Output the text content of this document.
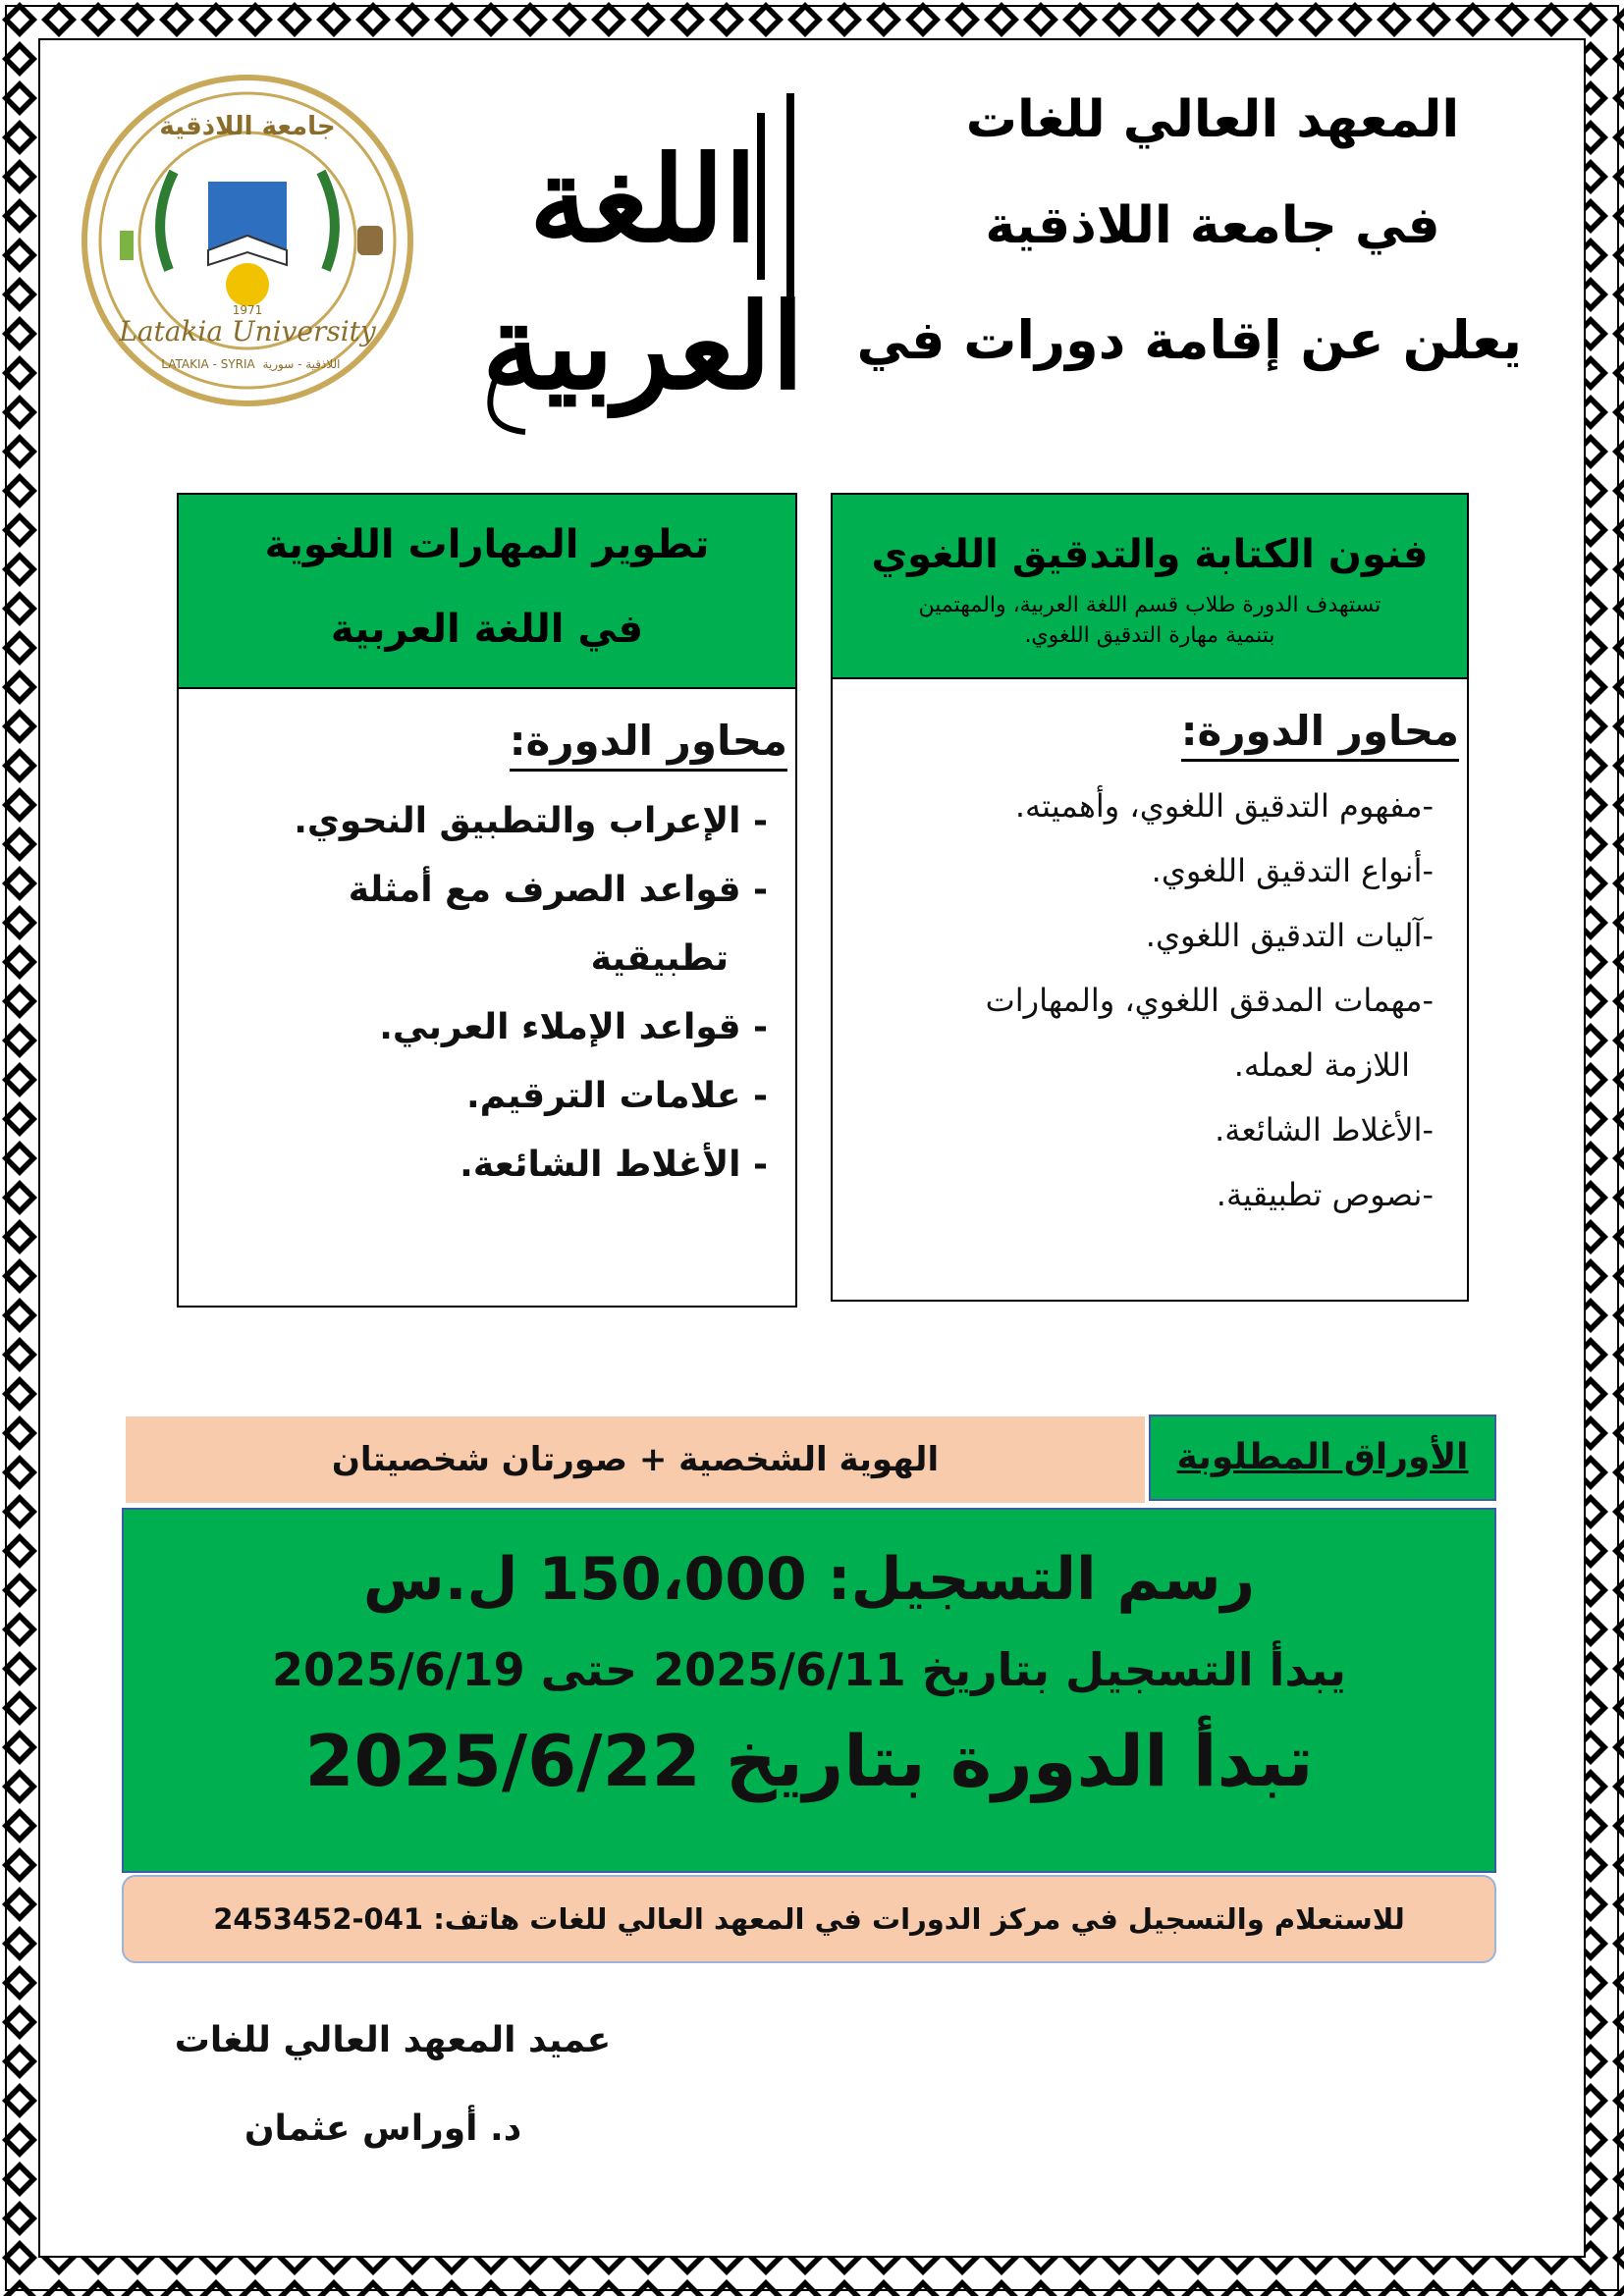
المعهد العالي للغات
في جامعة اللاذقية
يعلن عن إقامة دورات في
جامعة اللاذقية
Latakia University
1971
LATAKIA - SYRIA اللاذقية - سورية
اللغة
العربية
فنون الكتابة والتدقيق اللغوي
تستهدف الدورة طلاب قسم اللغة العربية، والمهتمين
بتنمية مهارة التدقيق اللغوي.
محاور الدورة:
-مفهوم التدقيق اللغوي، وأهميته.
-أنواع التدقيق اللغوي.
-آليات التدقيق اللغوي.
-مهمات المدقق اللغوي، والمهارات
اللازمة لعمله.
-الأغلاط الشائعة.
-نصوص تطبيقية.
تطوير المهارات اللغوية
في اللغة العربية
محاور الدورة:
- الإعراب والتطبيق النحوي.
- قواعد الصرف مع أمثلة
تطبيقية
- قواعد الإملاء العربي.
- علامات الترقيم.
- الأغلاط الشائعة.
الهوية الشخصية + صورتان شخصيتان	الأوراق المطلوبة
رسم التسجيل: 150،000 ل.س
يبدأ التسجيل بتاريخ 2025/6/11 حتى 2025/6/19
تبدأ الدورة بتاريخ 2025/6/22
للاستعلام والتسجيل في مركز الدورات في المعهد العالي للغات هاتف: 041-2453452
عميد المعهد العالي للغات
د. أوراس عثمان
